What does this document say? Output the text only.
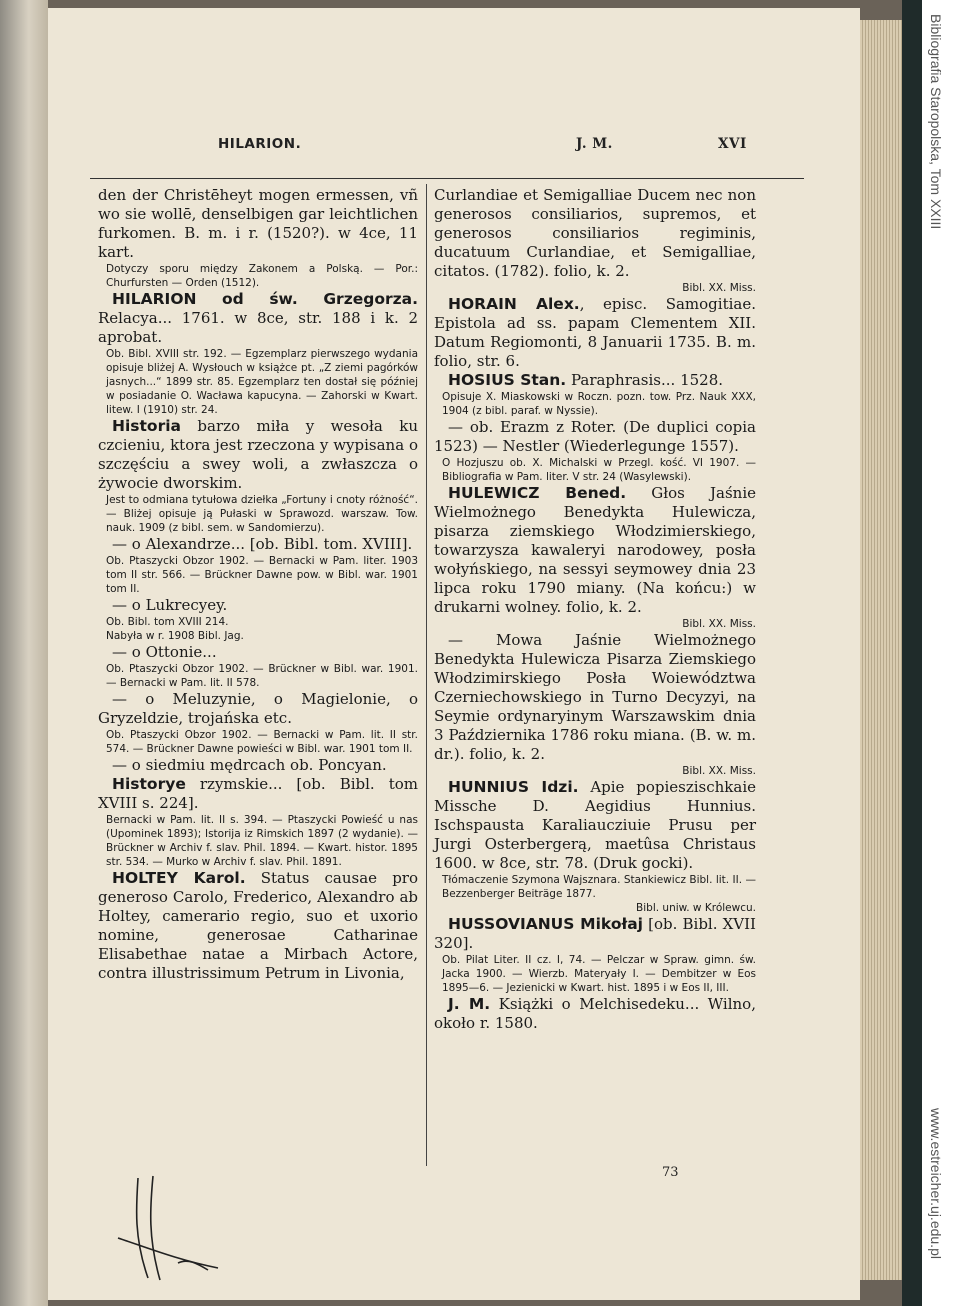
Bibliografia Staropolska, Tom XXIII
www.estreicher.uj.edu.pl
HILARION.	J. M.	XVI

den der Christēheyt mogen ermessen, vñ wo sie wollē, denselbigen gar leichtlichen furkomen. B. m. i r. (1520?). w 4ce, 11 kart.

Dotyczy sporu między Zakonem a Polską. — Por.: Churfursten — Orden (1512).

HILARION od św. Grzegorza. Relacya... 1761. w 8ce, str. 188 i k. 2 aprobat.

Ob. Bibl. XVIII str. 192. — Egzemplarz pierwszego wydania opisuje bliżej A. Wysłouch w książce pt. „Z ziemi pagórków jasnych...“ 1899 str. 85. Egzemplarz ten dostał się później w posiadanie O. Wacława kapucyna. — Zahorski w Kwart. litew. I (1910) str. 24.

Historia barzo miła y wesoła ku czcieniu, ktora jest rzeczona y wypisana o szczęściu a swey woli, a zwłaszcza o żywocie dworskim.

Jest to odmiana tytułowa dziełka „Fortuny i cnoty różność“. — Bliżej opisuje ją Pułaski w Sprawozd. warszaw. Tow. nauk. 1909 (z bibl. sem. w Sandomierzu).

— o Alexandrze... [ob. Bibl. tom. XVIII].

Ob. Ptaszycki Obzor 1902. — Bernacki w Pam. liter. 1903 tom II str. 566. — Brückner Dawne pow. w Bibl. war. 1901 tom II.

— o Lukrecyey.

Ob. Bibl. tom XVIII 214.

Nabyła w r. 1908 Bibl. Jag.

— o Ottonie...

Ob. Ptaszycki Obzor 1902. — Brückner w Bibl. war. 1901. — Bernacki w Pam. lit. II 578.

— o Meluzynie, o Magielonie, o Gryzeldzie, trojańska etc.

Ob. Ptaszycki Obzor 1902. — Bernacki w Pam. lit. II str. 574. — Brückner Dawne powieści w Bibl. war. 1901 tom II.

— o siedmiu mędrcach ob. Poncyan.

Historye rzymskie... [ob. Bibl. tom XVIII s. 224].

Bernacki w Pam. lit. II s. 394. — Ptaszycki Powieść u nas (Upominek 1893); Istorija iz Rimskich 1897 (2 wydanie). — Brückner w Archiv f. slav. Phil. 1894. — Kwart. histor. 1895 str. 534. — Murko w Archiv f. slav. Phil. 1891.

HOLTEY Karol. Status causae pro generoso Carolo, Frederico, Alexandro ab Holtey, camerario regio, suo et uxorio nomine, generosae Catharinae Elisabethae natae a Mirbach Actore, contra illustrissimum Petrum in Livonia,

Curlandiae et Semigalliae Ducem nec non generosos consiliarios, supremos, et generosos consiliarios regiminis, ducatuum Curlandiae, et Semigalliae, citatos. (1782). folio, k. 2.

Bibl. XX. Miss.

HORAIN Alex., episc. Samogitiae. Epistola ad ss. papam Clementem XII. Datum Regiomonti, 8 Januarii 1735. B. m. folio, str. 6.

HOSIUS Stan. Paraphrasis... 1528.

Opisuje X. Miaskowski w Roczn. pozn. tow. Prz. Nauk XXX, 1904 (z bibl. paraf. w Nyssie).

— ob. Erazm z Roter. (De duplici copia 1523) — Nestler (Wiederlegunge 1557).

O Hozjuszu ob. X. Michalski w Przegl. kość. VI 1907. — Bibliografia w Pam. liter. V str. 24 (Wasylewski).

HULEWICZ Bened. Głos Jaśnie Wielmożnego Benedykta Hulewicza, pisarza ziemskiego Włodzimierskiego, towarzysza kawaleryi narodowey, posła wołyńskiego, na sessyi seymowey dnia 23 lipca roku 1790 miany. (Na końcu:) w drukarni wolney. folio, k. 2.

Bibl. XX. Miss.

— Mowa Jaśnie Wielmożnego Benedykta Hulewicza Pisarza Ziemskiego Włodzimirskiego Posła Woiewództwa Czerniechowskiego in Turno Decyzyi, na Seymie ordynaryinym Warszawskim dnia 3 Października 1786 roku miana. (B. w. m. dr.). folio, k. 2.

Bibl. XX. Miss.

HUNNIUS Idzi. Apie popieszischkaie Missche D. Aegidius Hunnius. Ischspausta Karaliaucziuie Prusu per Jurgi Osterbergerą, maetûsa Christaus 1600. w 8ce, str. 78. (Druk gocki).

Tłómaczenie Szymona Wajsznara. Stankiewicz Bibl. lit. II. — Bezzenberger Beiträge 1877.

Bibl. uniw. w Królewcu.

HUSSOVIANUS Mikołaj [ob. Bibl. XVII 320].

Ob. Pilat Liter. II cz. I, 74. — Pelczar w Spraw. gimn. św. Jacka 1900. — Wierzb. Materyały I. — Dembitzer w Eos 1895—6. — Jezienicki w Kwart. hist. 1895 i w Eos II, III.

J. M. Książki o Melchisedeku... Wilno, około r. 1580.

73
